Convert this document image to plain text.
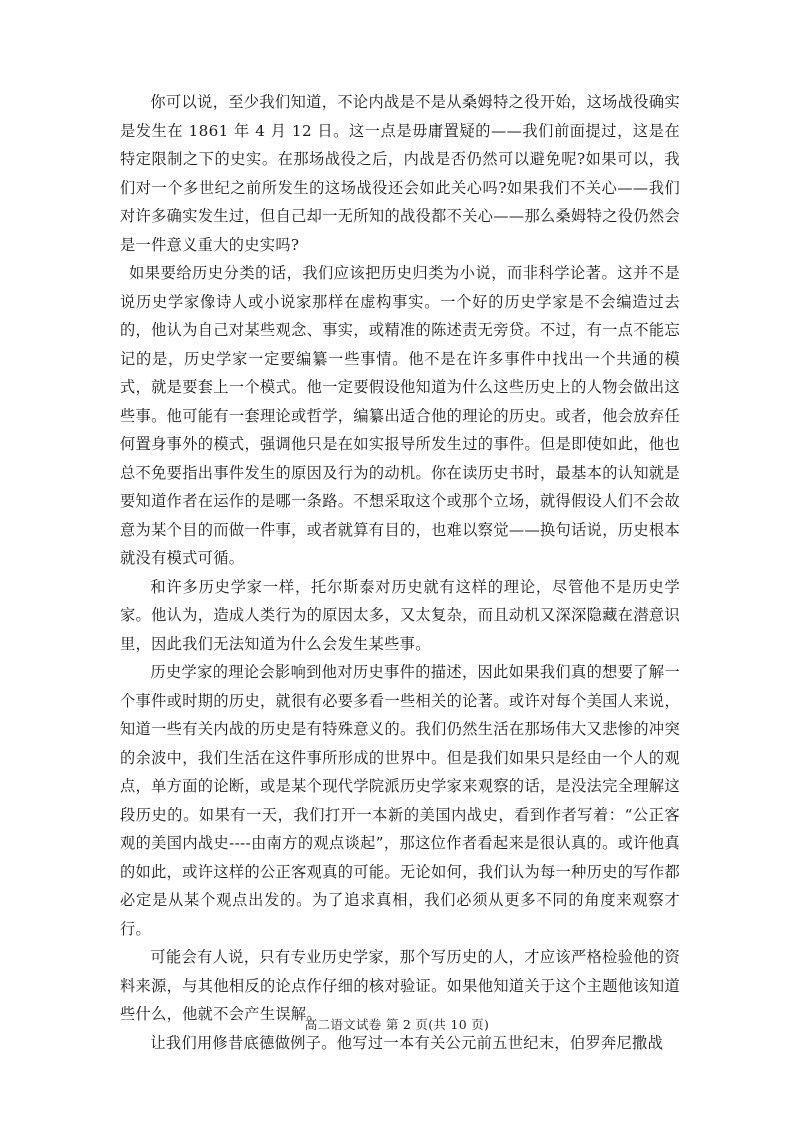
你可以说，至少我们知道，不论内战是不是从桑姆特之役开始，这场战役确实是发生在 1861 年 4 月 12 日。这一点是毋庸置疑的——我们前面提过，这是在特定限制之下的史实。在那场战役之后，内战是否仍然可以避免呢?如果可以，我们对一个多世纪之前所发生的这场战役还会如此关心吗?如果我们不关心——我们对许多确实发生过，但自己却一无所知的战役都不关心——那么桑姆特之役仍然会是一件意义重大的史实吗?

如果要给历史分类的话，我们应该把历史归类为小说，而非科学论著。这并不是说历史学家像诗人或小说家那样在虚构事实。一个好的历史学家是不会编造过去的，他认为自己对某些观念、事实，或精准的陈述责无旁贷。不过，有一点不能忘记的是，历史学家一定要编纂一些事情。他不是在许多事件中找出一个共通的模式，就是要套上一个模式。他一定要假设他知道为什么这些历史上的人物会做出这些事。他可能有一套理论或哲学，编纂出适合他的理论的历史。或者，他会放弃任何置身事外的模式，强调他只是在如实报导所发生过的事件。但是即使如此，他也总不免要指出事件发生的原因及行为的动机。你在读历史书时，最基本的认知就是要知道作者在运作的是哪一条路。不想采取这个或那个立场，就得假设人们不会故意为某个目的而做一件事，或者就算有目的，也难以察觉——换句话说，历史根本就没有模式可循。

和许多历史学家一样，托尔斯泰对历史就有这样的理论，尽管他不是历史学家。他认为，造成人类行为的原因太多，又太复杂，而且动机又深深隐藏在潜意识里，因此我们无法知道为什么会发生某些事。

历史学家的理论会影响到他对历史事件的描述，因此如果我们真的想要了解一个事件或时期的历史，就很有必要多看一些相关的论著。或许对每个美国人来说，知道一些有关内战的历史是有特殊意义的。我们仍然生活在那场伟大又悲惨的冲突的余波中，我们生活在这件事所形成的世界中。但是我们如果只是经由一个人的观点，单方面的论断，或是某个现代学院派历史学家来观察的话，是没法完全理解这段历史的。如果有一天，我们打开一本新的美国内战史，看到作者写着：“公正客观的美国内战史----由南方的观点谈起”，那这位作者看起来是很认真的。或许他真的如此，或许这样的公正客观真的可能。无论如何，我们认为每一种历史的写作都必定是从某个观点出发的。为了追求真相，我们必须从更多不同的角度来观察才行。

可能会有人说，只有专业历史学家，那个写历史的人，才应该严格检验他的资料来源，与其他相反的论点作仔细的核对验证。如果他知道关于这个主题他该知道些什么，他就不会产生误解。

让我们用修昔底德做例子。他写过一本有关公元前五世纪末，伯罗奔尼撒战

高二语文试卷 第 2 页(共 10 页)
